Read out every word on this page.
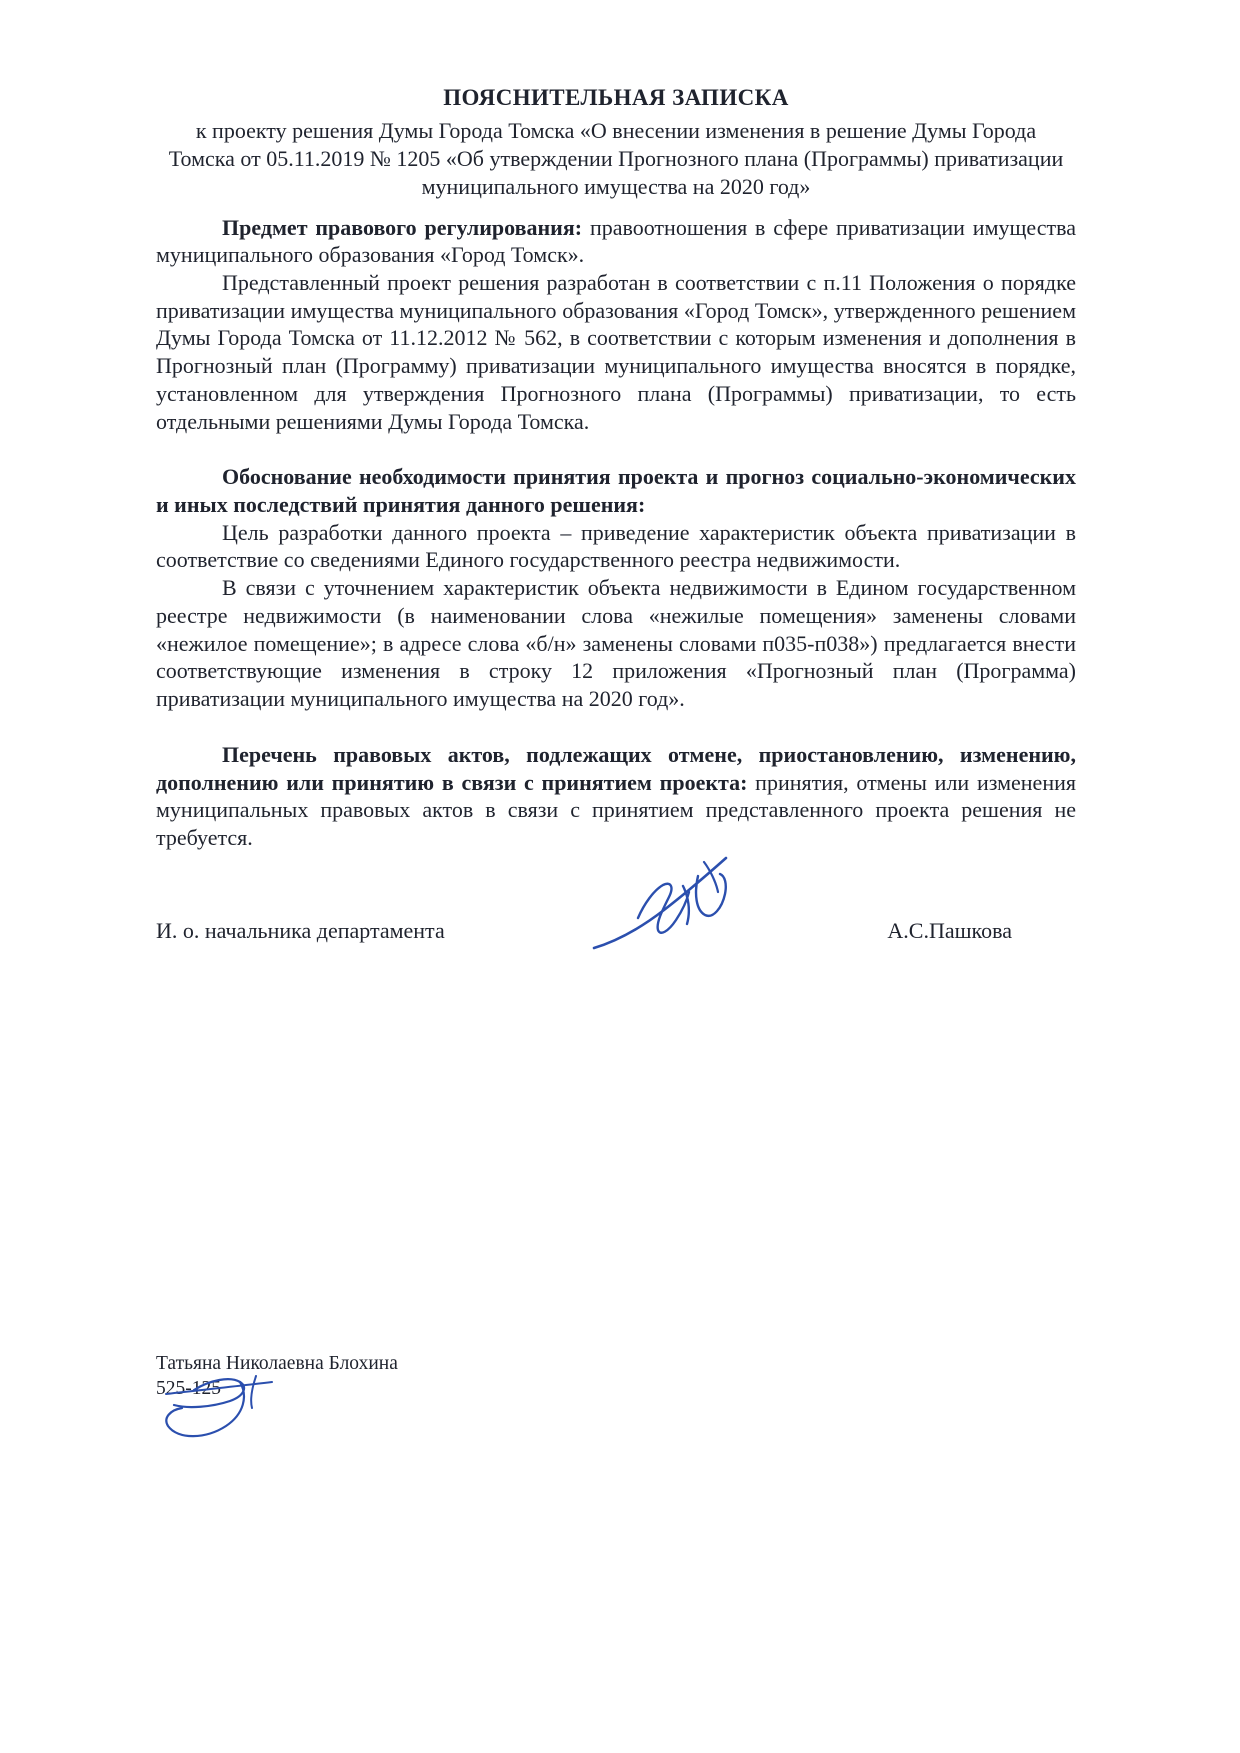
ПОЯСНИТЕЛЬНАЯ ЗАПИСКА
к проекту решения Думы Города Томска «О внесении изменения в решение Думы Города Томска от 05.11.2019 № 1205 «Об утверждении Прогнозного плана (Программы) приватизации муниципального имущества на 2020 год»

Предмет правового регулирования: правоотношения в сфере приватизации имущества муниципального образования «Город Томск».

Представленный проект решения разработан в соответствии с п.11 Положения о порядке приватизации имущества муниципального образования «Город Томск», утвержденного решением Думы Города Томска от 11.12.2012 № 562, в соответствии с которым изменения и дополнения в Прогнозный план (Программу) приватизации муниципального имущества вносятся в порядке, установленном для утверждения Прогнозного плана (Программы) приватизации, то есть отдельными решениями Думы Города Томска.

Обоснование необходимости принятия проекта и прогноз социально-экономических и иных последствий принятия данного решения:

Цель разработки данного проекта – приведение характеристик объекта приватизации в соответствие со сведениями Единого государственного реестра недвижимости.

В связи с уточнением характеристик объекта недвижимости в Едином государственном реестре недвижимости (в наименовании слова «нежилые помещения» заменены словами «нежилое помещение»; в адресе слова «б/н» заменены словами п035-п038») предлагается внести соответствующие изменения в строку 12 приложения «Прогнозный план (Программа) приватизации муниципального имущества на 2020 год».

Перечень правовых актов, подлежащих отмене, приостановлению, изменению, дополнению или принятию в связи с принятием проекта: принятия, отмены или изменения муниципальных правовых актов в связи с принятием представленного проекта решения не требуется.

И. о. начальника департамента	А.С.Пашкова
Татьяна Николаевна Блохина
525-125
